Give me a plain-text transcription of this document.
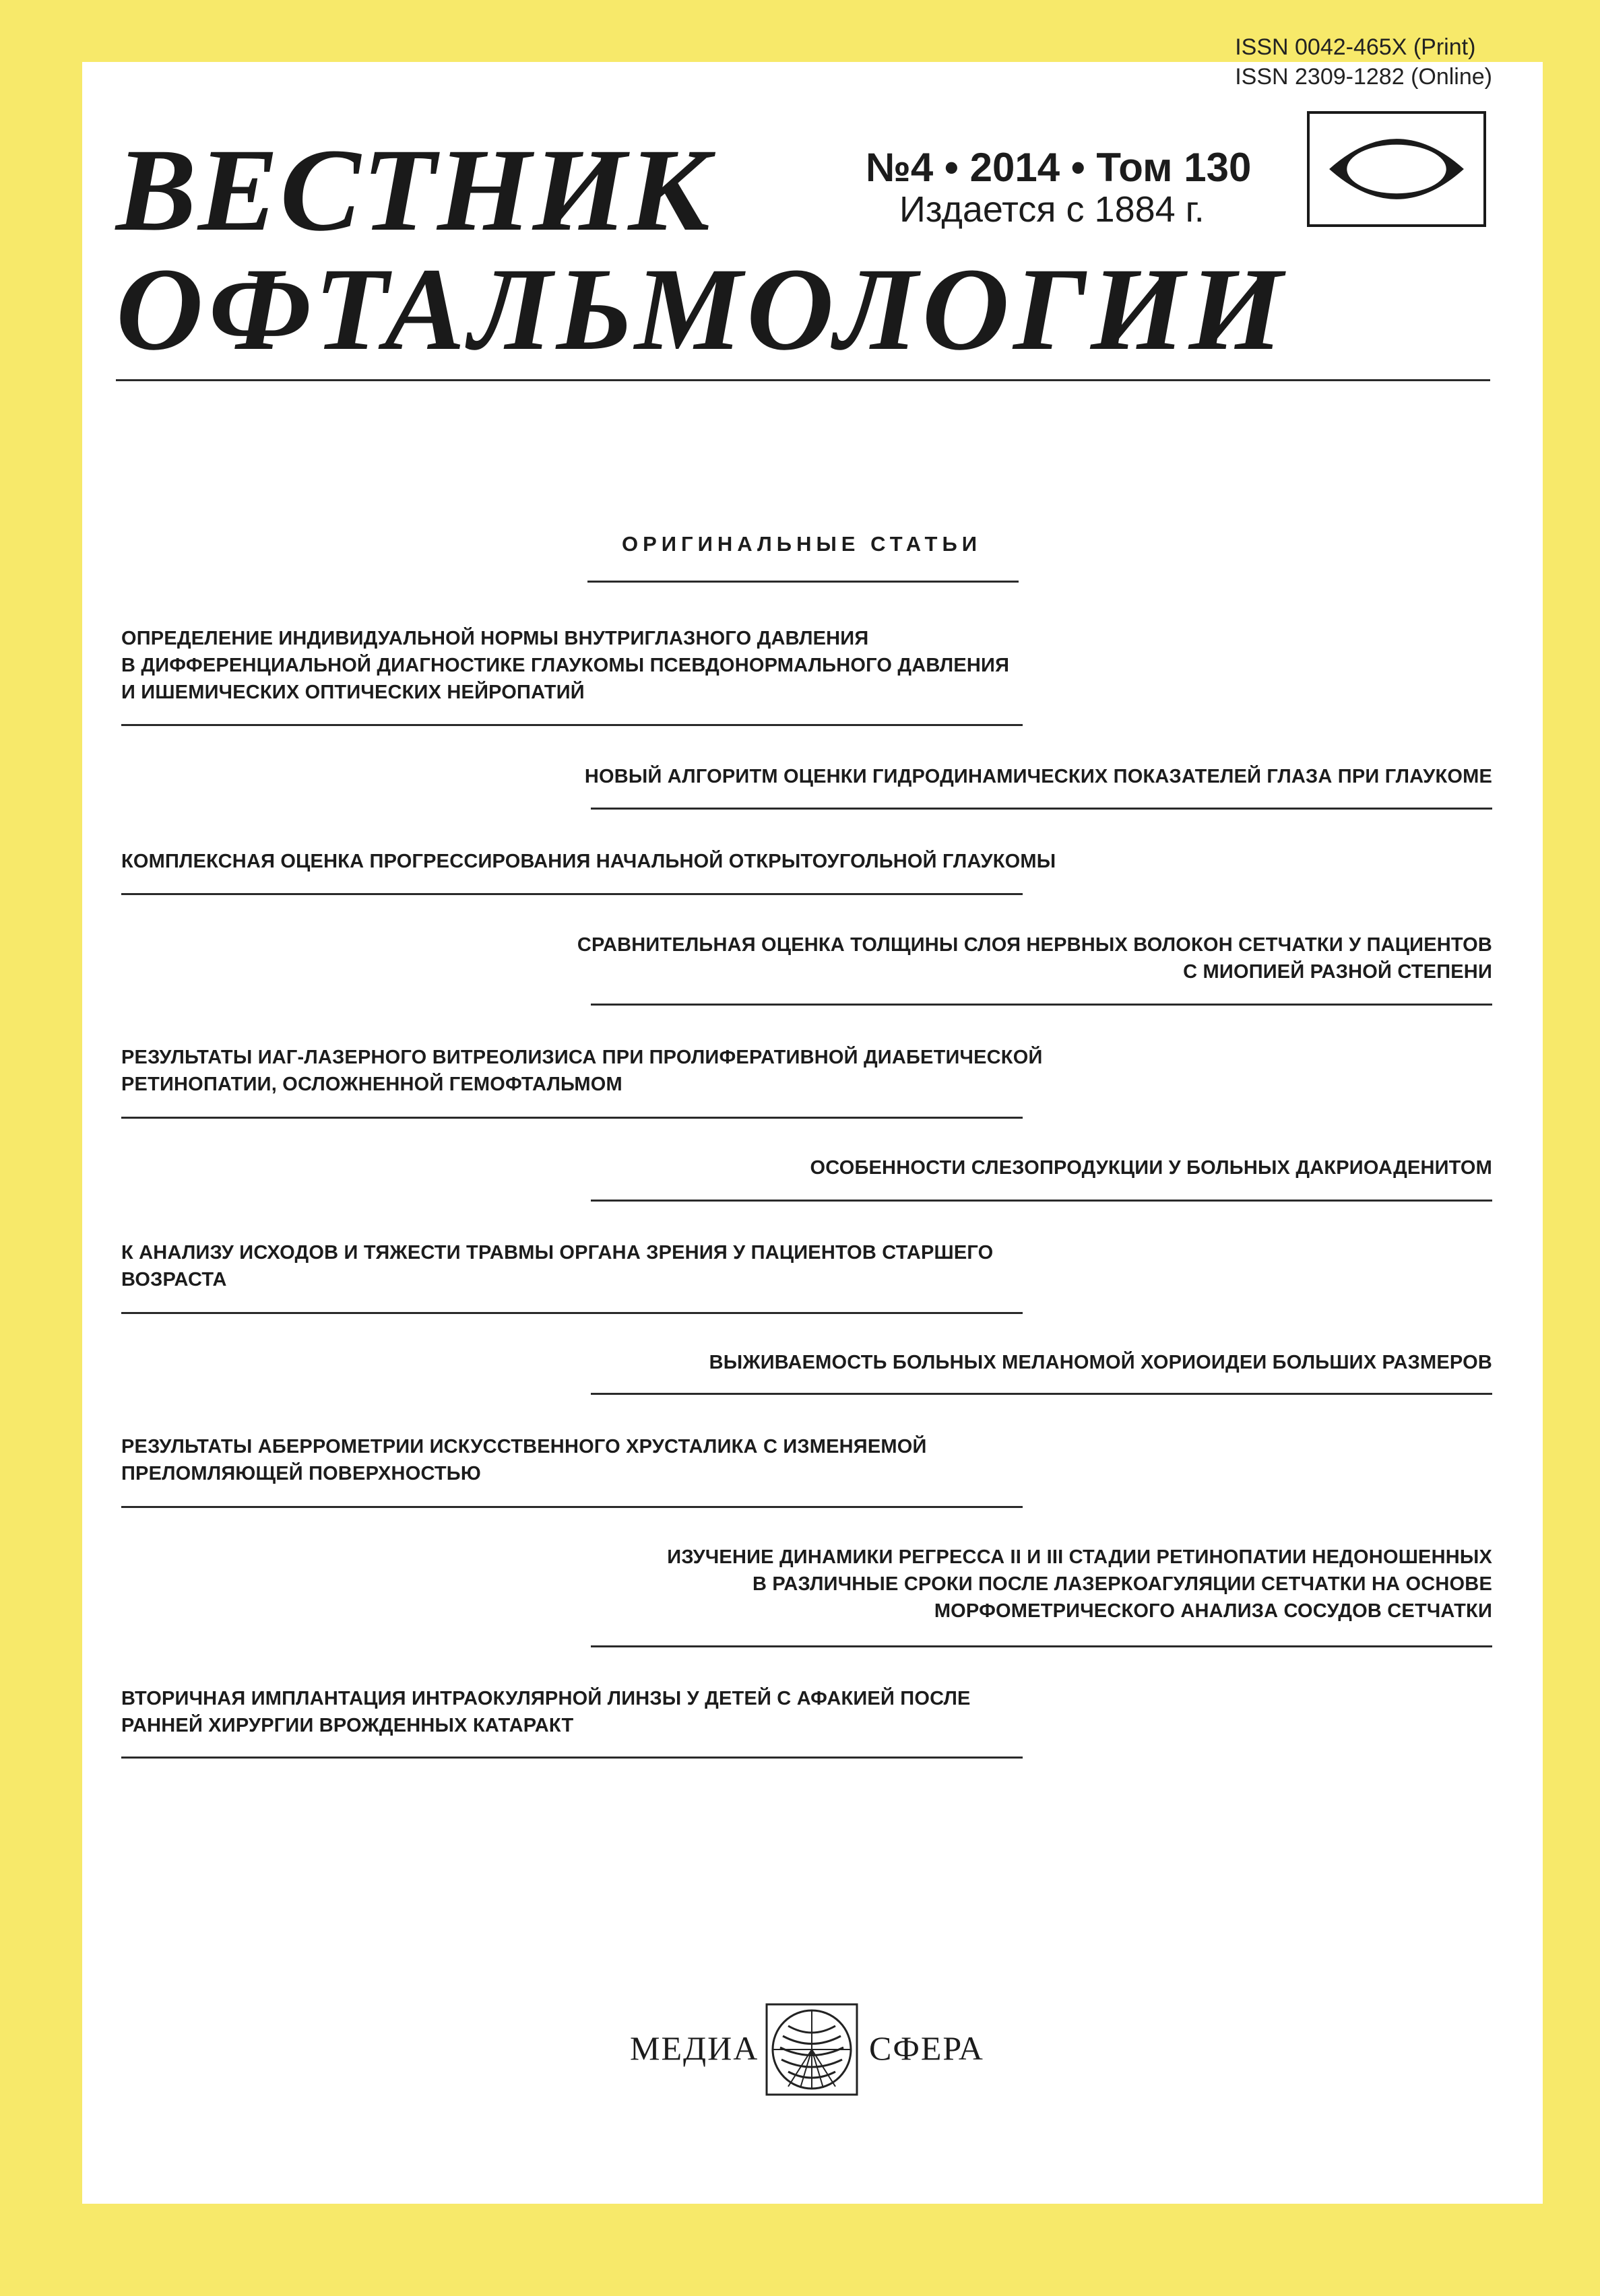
ISSN 0042-465X (Print)
ISSN 2309-1282 (Online)
ВЕСТНИК
ОФТАЛЬМОЛОГИИ
№4 • 2014 • Том 130
Издается с 1884 г.
ОРИГИНАЛЬНЫЕ СТАТЬИ
ОПРЕДЕЛЕНИЕ ИНДИВИДУАЛЬНОЙ НОРМЫ ВНУТРИГЛАЗНОГО ДАВЛЕНИЯ
В ДИФФЕРЕНЦИАЛЬНОЙ ДИАГНОСТИКЕ ГЛАУКОМЫ ПСЕВДОНОРМАЛЬНОГО ДАВЛЕНИЯ
И ИШЕМИЧЕСКИХ ОПТИЧЕСКИХ НЕЙРОПАТИЙ
НОВЫЙ АЛГОРИТМ ОЦЕНКИ ГИДРОДИНАМИЧЕСКИХ ПОКАЗАТЕЛЕЙ ГЛАЗА ПРИ ГЛАУКОМЕ
КОМПЛЕКСНАЯ ОЦЕНКА ПРОГРЕССИРОВАНИЯ НАЧАЛЬНОЙ ОТКРЫТОУГОЛЬНОЙ ГЛАУКОМЫ
СРАВНИТЕЛЬНАЯ ОЦЕНКА ТОЛЩИНЫ СЛОЯ НЕРВНЫХ ВОЛОКОН СЕТЧАТКИ У ПАЦИЕНТОВ
С МИОПИЕЙ РАЗНОЙ СТЕПЕНИ
РЕЗУЛЬТАТЫ ИАГ-ЛАЗЕРНОГО ВИТРЕОЛИЗИСА ПРИ ПРОЛИФЕРАТИВНОЙ ДИАБЕТИЧЕСКОЙ
РЕТИНОПАТИИ, ОСЛОЖНЕННОЙ ГЕМОФТАЛЬМОМ
ОСОБЕННОСТИ СЛЕЗОПРОДУКЦИИ У БОЛЬНЫХ ДАКРИОАДЕНИТОМ
К АНАЛИЗУ ИСХОДОВ И ТЯЖЕСТИ ТРАВМЫ ОРГАНА ЗРЕНИЯ У ПАЦИЕНТОВ СТАРШЕГО
ВОЗРАСТА
ВЫЖИВАЕМОСТЬ БОЛЬНЫХ МЕЛАНОМОЙ ХОРИОИДЕИ БОЛЬШИХ РАЗМЕРОВ
РЕЗУЛЬТАТЫ АБЕРРОМЕТРИИ ИСКУССТВЕННОГО ХРУСТАЛИКА С ИЗМЕНЯЕМОЙ
ПРЕЛОМЛЯЮЩЕЙ ПОВЕРХНОСТЬЮ
ИЗУЧЕНИЕ ДИНАМИКИ РЕГРЕССА II И III СТАДИИ РЕТИНОПАТИИ НЕДОНОШЕННЫХ
В РАЗЛИЧНЫЕ СРОКИ ПОСЛЕ ЛАЗЕРКОАГУЛЯЦИИ СЕТЧАТКИ НА ОСНОВЕ
МОРФОМЕТРИЧЕСКОГО АНАЛИЗА СОСУДОВ СЕТЧАТКИ
ВТОРИЧНАЯ ИМПЛАНТАЦИЯ ИНТРАОКУЛЯРНОЙ ЛИНЗЫ У ДЕТЕЙ С АФАКИЕЙ ПОСЛЕ
РАННЕЙ ХИРУРГИИ ВРОЖДЕННЫХ КАТАРАКТ
МЕДИА	СФЕРА
